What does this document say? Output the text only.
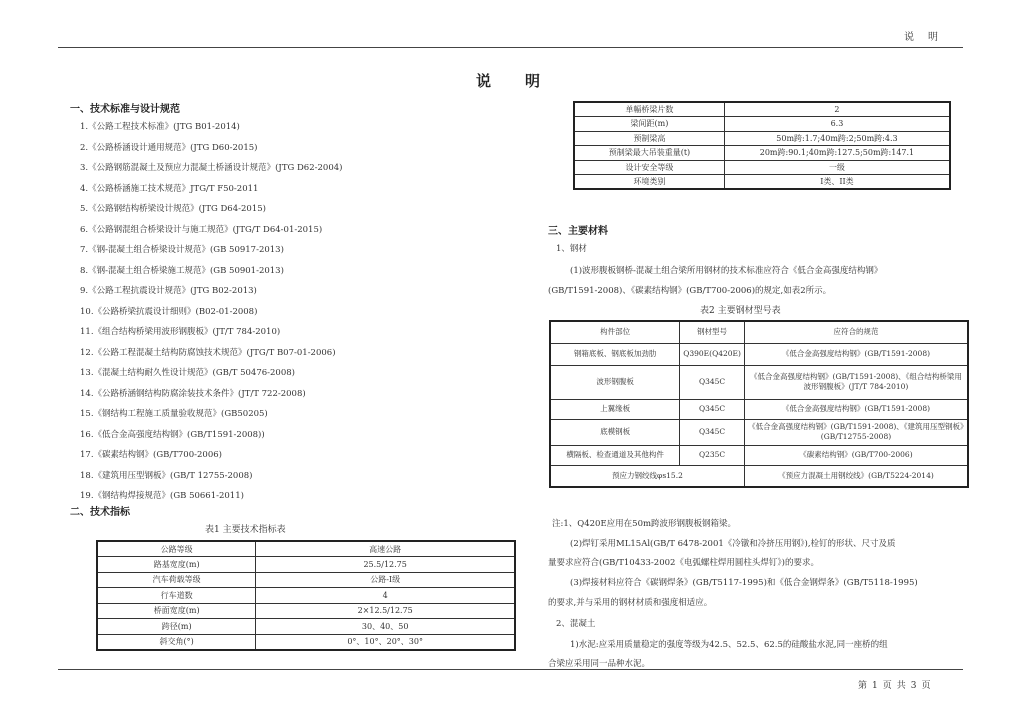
说明
说明
一、技术标准与设计规范
1.《公路工程技术标准》(JTG B01-2014)
2.《公路桥涵设计通用规范》(JTG D60-2015)
3.《公路钢筋混凝土及预应力混凝土桥涵设计规范》(JTG D62-2004)
4.《公路桥涵施工技术规范》JTG/T F50-2011
5.《公路钢结构桥梁设计规范》(JTG D64-2015)
6.《公路钢混组合桥梁设计与施工规范》(JTG/T D64-01-2015)
7.《钢-混凝土组合桥梁设计规范》(GB 50917-2013)
8.《钢-混凝土组合桥梁施工规范》(GB 50901-2013)
9.《公路工程抗震设计规范》(JTG B02-2013)
10.《公路桥梁抗震设计细则》(B02-01-2008)
11.《组合结构桥梁用波形钢腹板》(JT/T 784-2010)
12.《公路工程混凝土结构防腐蚀技术规范》(JTG/T B07-01-2006)
13.《混凝土结构耐久性设计规范》(GB/T 50476-2008)
14.《公路桥涵钢结构防腐涂装技术条件》(JT/T 722-2008)
15.《钢结构工程施工质量验收规范》(GB50205)
16.《低合金高强度结构钢》(GB/T1591-2008))
17.《碳素结构钢》(GB/T700-2006)
18.《建筑用压型钢板》(GB/T 12755-2008)
19.《钢结构焊接规范》(GB 50661-2011)
二、技术指标
表1 主要技术指标表
公路等级	高速公路
路基宽度(m)	25.5/12.75
汽车荷载等级	公路-I级
行车道数	4
桥面宽度(m)	2×12.5/12.75
跨径(m)	30、40、50
斜交角(°)	0°、10°、20°、30°
单幅桥梁片数	2
梁间距(m)	6.3
预制梁高	50m跨:1.7;40m跨:2;50m跨:4.3
预制梁最大吊装重量(t)	20m跨:90.1;40m跨:127.5;50m跨:147.1
设计安全等级	一级
环境类别	I类、II类
三、主要材料
1、钢材
(1)波形腹板钢桥-混凝土组合梁所用钢材的技术标准应符合《低合金高强度结构钢》
(GB/T1591-2008)、《碳素结构钢》(GB/T700-2006)的规定,如表2所示。
表2 主要钢材型号表
构件部位	钢材型号	应符合的规范
钢箱底板、钢底板加劲肋	Q390E(Q420E)	《低合金高强度结构钢》(GB/T1591-2008)
波形钢腹板	Q345C	《低合金高强度结构钢》(GB/T1591-2008)、《组合结构桥梁用波形钢腹板》(JT/T 784-2010)
上翼缘板	Q345C	《低合金高强度结构钢》(GB/T1591-2008)
底模钢板	Q345C	《低合金高强度结构钢》(GB/T1591-2008)、《建筑用压型钢板》(GB/T12755-2008)
横隔板、检查通道及其他构件	Q235C	《碳素结构钢》(GB/T700-2006)
预应力钢绞线φs15.2		《预应力混凝土用钢绞线》(GB/T5224-2014)
注:1、Q420E应用在50m跨波形钢腹板钢箱梁。
(2)焊钉采用ML15Al(GB/T 6478-2001《冷镦和冷挤压用钢》),栓钉的形状、尺寸及质
量要求应符合(GB/T10433-2002《电弧螺柱焊用圆柱头焊钉》)的要求。
(3)焊接材料应符合《碳钢焊条》(GB/T5117-1995)和《低合金钢焊条》(GB/T5118-1995)
的要求,并与采用的钢材材质和强度相适应。
2、混凝土
1)水泥:应采用质量稳定的强度等级为42.5、52.5、62.5的硅酸盐水泥,同一座桥的组
合梁应采用同一品种水泥。
第1页共3页
